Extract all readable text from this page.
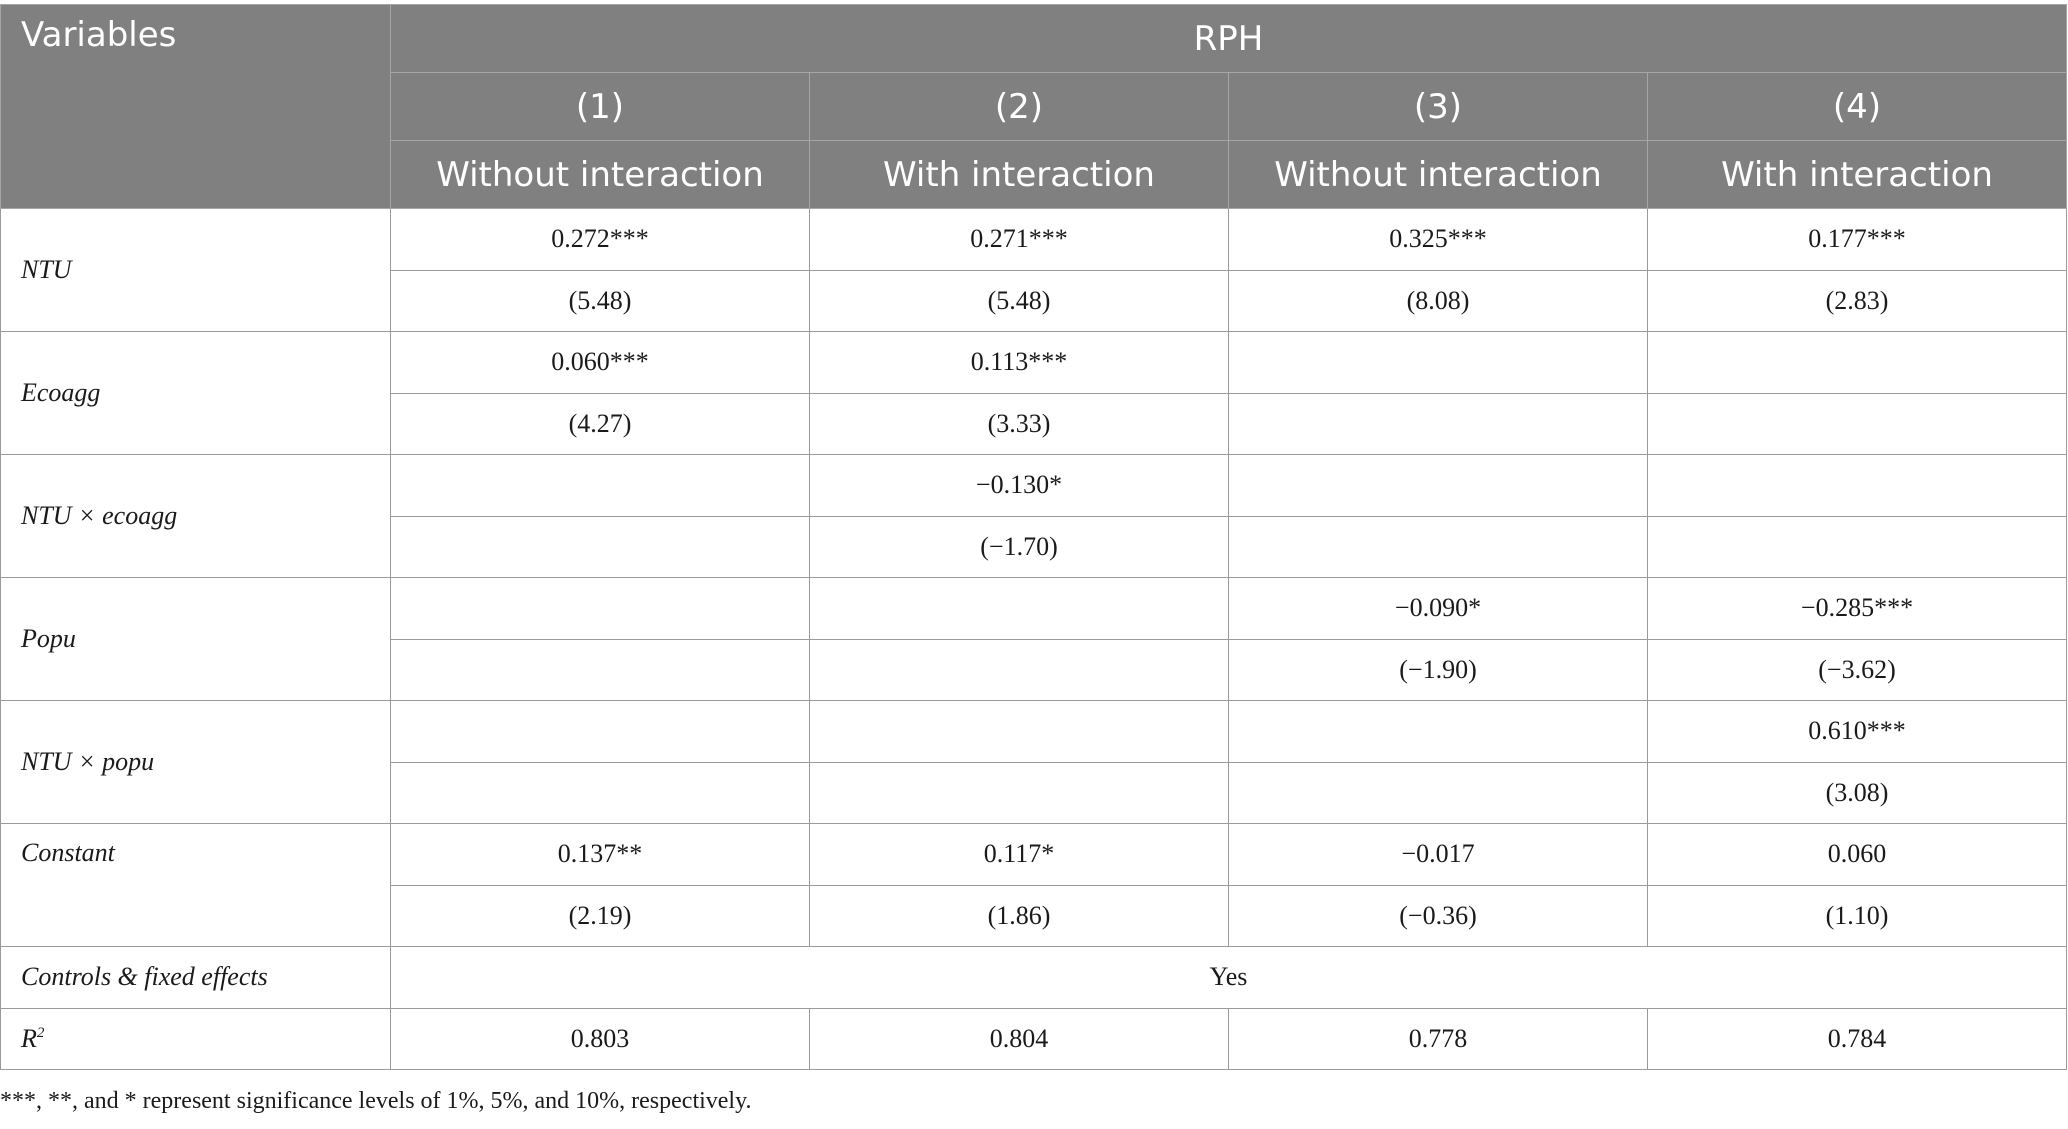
Variables	RPH			
	(1)	(2)	(3)	(4)
	Without interaction	With interaction	Without interaction	With interaction
NTU	0.272***	0.271***	0.325***	0.177***
	(5.48)	(5.48)	(8.08)	(2.83)
Ecoagg	0.060***	0.113***		
	(4.27)	(3.33)		
NTU × ecoagg		−0.130*		
		(−1.70)		
Popu			−0.090*	−0.285***
			(−1.90)	(−3.62)
NTU × popu				0.610***
				(3.08)
Constant	0.137**	0.117*	−0.017	0.060
	(2.19)	(1.86)	(−0.36)	(1.10)
Controls & fixed effects	Yes			
$R^2$	0.803	0.804	0.778	0.784
***, **, and * represent significance levels of 1%, 5%, and 10%, respectively.
